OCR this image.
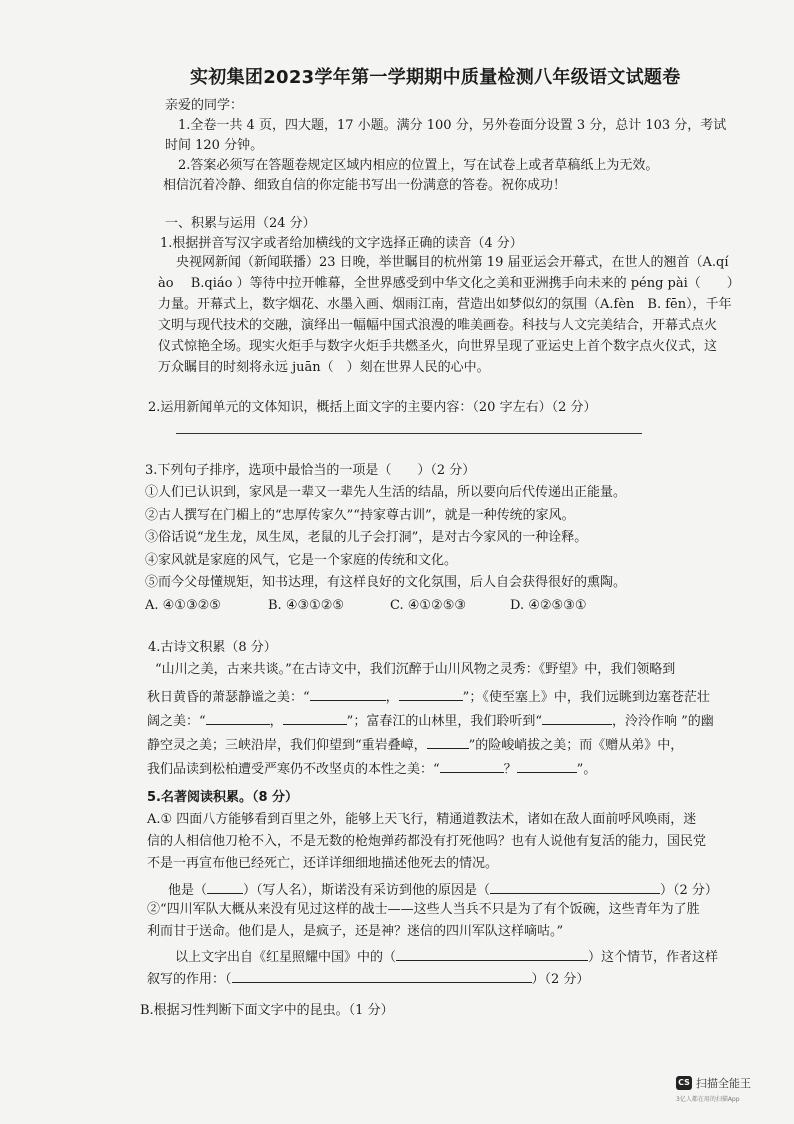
实初集团2023学年第一学期期中质量检测八年级语文试题卷
亲爱的同学：
1.全卷一共 4 页，四大题，17 小题。满分 100 分，另外卷面分设置 3 分，总计 103 分，考试
时间 120 分钟。
2.答案必须写在答题卷规定区域内相应的位置上，写在试卷上或者草稿纸上为无效。
相信沉着冷静、细致自信的你定能书写出一份满意的答卷。祝你成功！
一、积累与运用（24 分）
1.根据拼音写汉字或者给加横线的文字选择正确的读音（4 分）
央视网新闻（新闻联播）23 日晚，举世瞩目的杭州第 19 届亚运会开幕式，在世人的翘首（A.qí
ào　 B.qiáo ）等待中拉开帷幕，全世界感受到中华文化之美和亚洲携手向未来的 péng pài（　　）
力量。开幕式上，数字烟花、水墨入画、烟雨江南，营造出如梦似幻的氛围（A.fèn　B. fēn），千年
文明与现代技术的交融，演绎出一幅幅中国式浪漫的唯美画卷。科技与人文完美结合，开幕式点火
仪式惊艳全场。现实火炬手与数字火炬手共燃圣火，向世界呈现了亚运史上首个数字点火仪式，这
万众瞩目的时刻将永远 juān（　）刻在世界人民的心中。
2.运用新闻单元的文体知识，概括上面文字的主要内容：（20 字左右）（2 分）
3.下列句子排序，选项中最恰当的一项是（　　）（2 分）
①人们已认识到，家风是一辈又一辈先人生活的结晶，所以要向后代传递出正能量。
②古人撰写在门楣上的“忠厚传家久”“持家尊古训”，就是一种传统的家风。
③俗话说“龙生龙，凤生凤，老鼠的儿子会打洞”，是对古今家风的一种诠释。
④家风就是家庭的风气，它是一个家庭的传统和文化。
⑤而今父母懂规矩，知书达理，有这样良好的文化氛围，后人自会获得很好的熏陶。
A. ④①③②⑤	B. ④③①②⑤	C. ④①②⑤③	D. ④②⑤③①
4.古诗文积累（8 分）
“山川之美，古来共谈。”在古诗文中，我们沉醉于山川风物之灵秀：《野望》中，我们领略到
秋日黄昏的萧瑟静谧之美：“	，	”；《使至塞上》中，我们远眺到边塞苍茫壮
阔之美：“	，	”；富春江的山林里，我们聆听到“	，泠泠作响 ”的幽
静空灵之美；三峡沿岸，我们仰望到“重岩叠嶂，	”的险峻峭拔之美；而《赠从弟》中，
我们品读到松柏遭受严寒仍不改坚贞的本性之美：“	？	”。
5.名著阅读积累。（8 分）
A.① 四面八方能够看到百里之外，能够上天飞行，精通道教法术，诸如在敌人面前呼风唤雨，迷
信的人相信他刀枪不入，不是无数的枪炮弹药都没有打死他吗？也有人说他有复活的能力，国民党
不是一再宣布他已经死亡，还详详细细地描述他死去的情况。
他是（	）（写人名），斯诺没有采访到他的原因是（	）（2 分）
②“四川军队大概从来没有见过这样的战士——这些人当兵不只是为了有个饭碗，这些青年为了胜
利而甘于送命。他们是人，是疯子，还是神？迷信的四川军队这样嘀咕。”
以上文字出自《红星照耀中国》中的（	）这个情节，作者这样
叙写的作用：（	）（2 分）
B.根据习性判断下面文字中的昆虫。（1 分）
CS 扫描全能王
3亿人都在用的扫描App
